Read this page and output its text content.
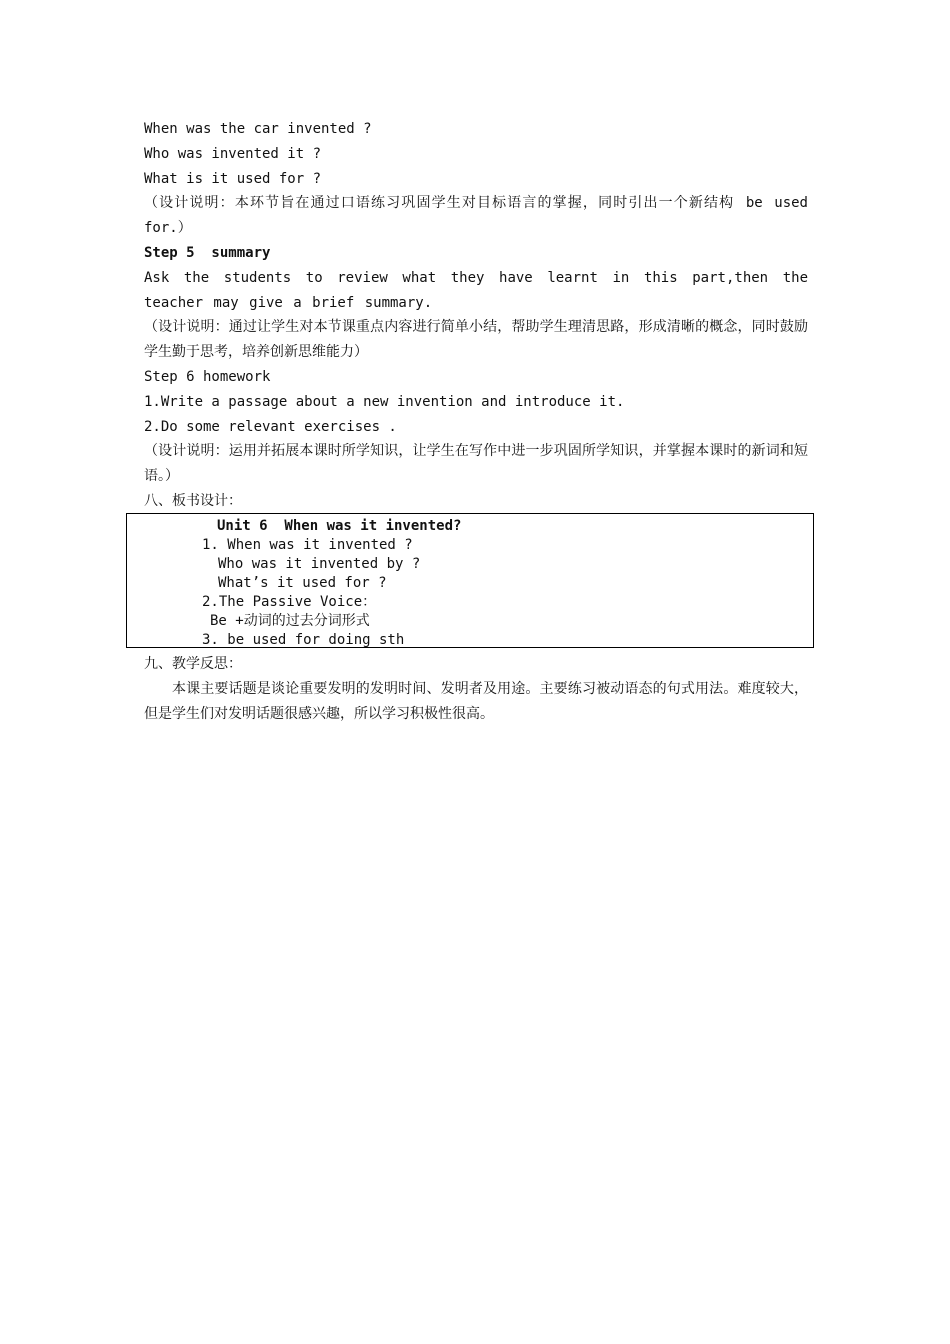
When was the car invented ?
Who was invented it ?
What is it used for ?
（设计说明：本环节旨在通过口语练习巩固学生对目标语言的掌握，同时引出一个新结构 be used for.）
Step 5  summary
Ask the students to review what they have learnt in this part,then the teacher may give a brief summary.
（设计说明：通过让学生对本节课重点内容进行简单小结，帮助学生理清思路，形成清晰的概念，同时鼓励学生勤于思考，培养创新思维能力）
Step 6 homework
1.Write a passage about a new invention and introduce it.
2.Do some relevant exercises .
（设计说明：运用并拓展本课时所学知识，让学生在写作中进一步巩固所学知识，并掌握本课时的新词和短语。）
八、板书设计：
Unit 6  When was it invented?
1. When was it invented ?
Who was it invented by ?
What’s it used for ?
2.The Passive Voice：
Be +动词的过去分词形式
3. be used for doing sth
九、教学反思：
本课主要话题是谈论重要发明的发明时间、发明者及用途。主要练习被动语态的句式用法。难度较大，但是学生们对发明话题很感兴趣，所以学习积极性很高。
